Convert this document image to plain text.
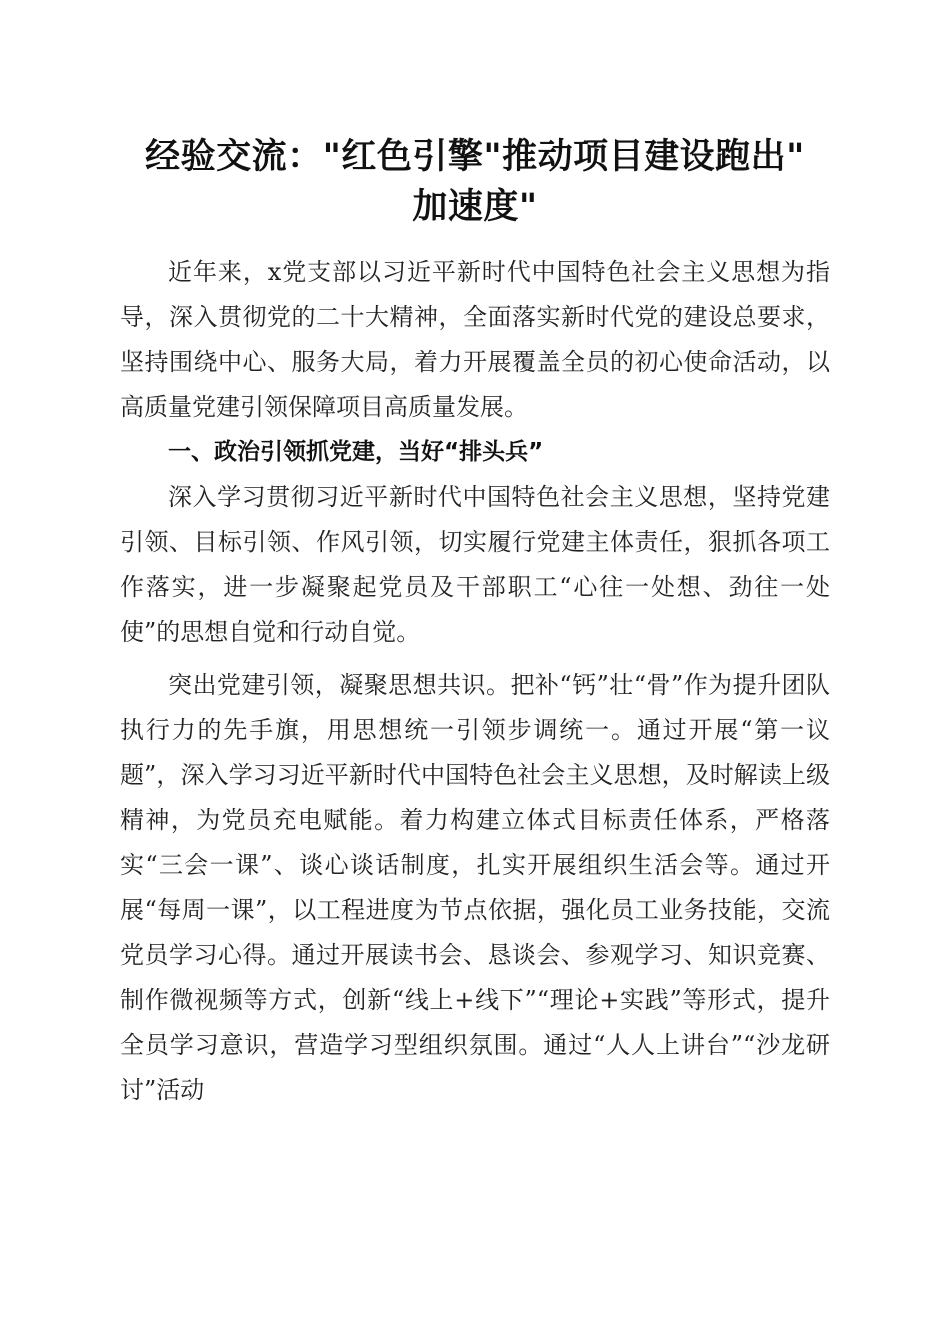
经验交流："红色引擎"推动项目建设跑出"
加速度"

近年来，x党支部以习近平新时代中国特色社会主义思想为指导，深入贯彻党的二十大精神，全面落实新时代党的建设总要求，坚持围绕中心、服务大局，着力开展覆盖全员的初心使命活动，以高质量党建引领保障项目高质量发展。

一、政治引领抓党建，当好“排头兵”

深入学习贯彻习近平新时代中国特色社会主义思想，坚持党建引领、目标引领、作风引领，切实履行党建主体责任，狠抓各项工作落实，进一步凝聚起党员及干部职工“心往一处想、劲往一处使”的思想自觉和行动自觉。

突出党建引领，凝聚思想共识。把补“钙”壮“骨”作为提升团队执行力的先手旗，用思想统一引领步调统一。通过开展“第一议题”，深入学习习近平新时代中国特色社会主义思想，及时解读上级精神，为党员充电赋能。着力构建立体式目标责任体系，严格落实“三会一课”、谈心谈话制度，扎实开展组织生活会等。通过开展“每周一课”，以工程进度为节点依据，强化员工业务技能，交流党员学习心得。通过开展读书会、恳谈会、参观学习、知识竞赛、制作微视频等方式，创新“线上+线下”“理论+实践”等形式，提升全员学习意识，营造学习型组织氛围。通过“人人上讲台”“沙龙研讨”活动
